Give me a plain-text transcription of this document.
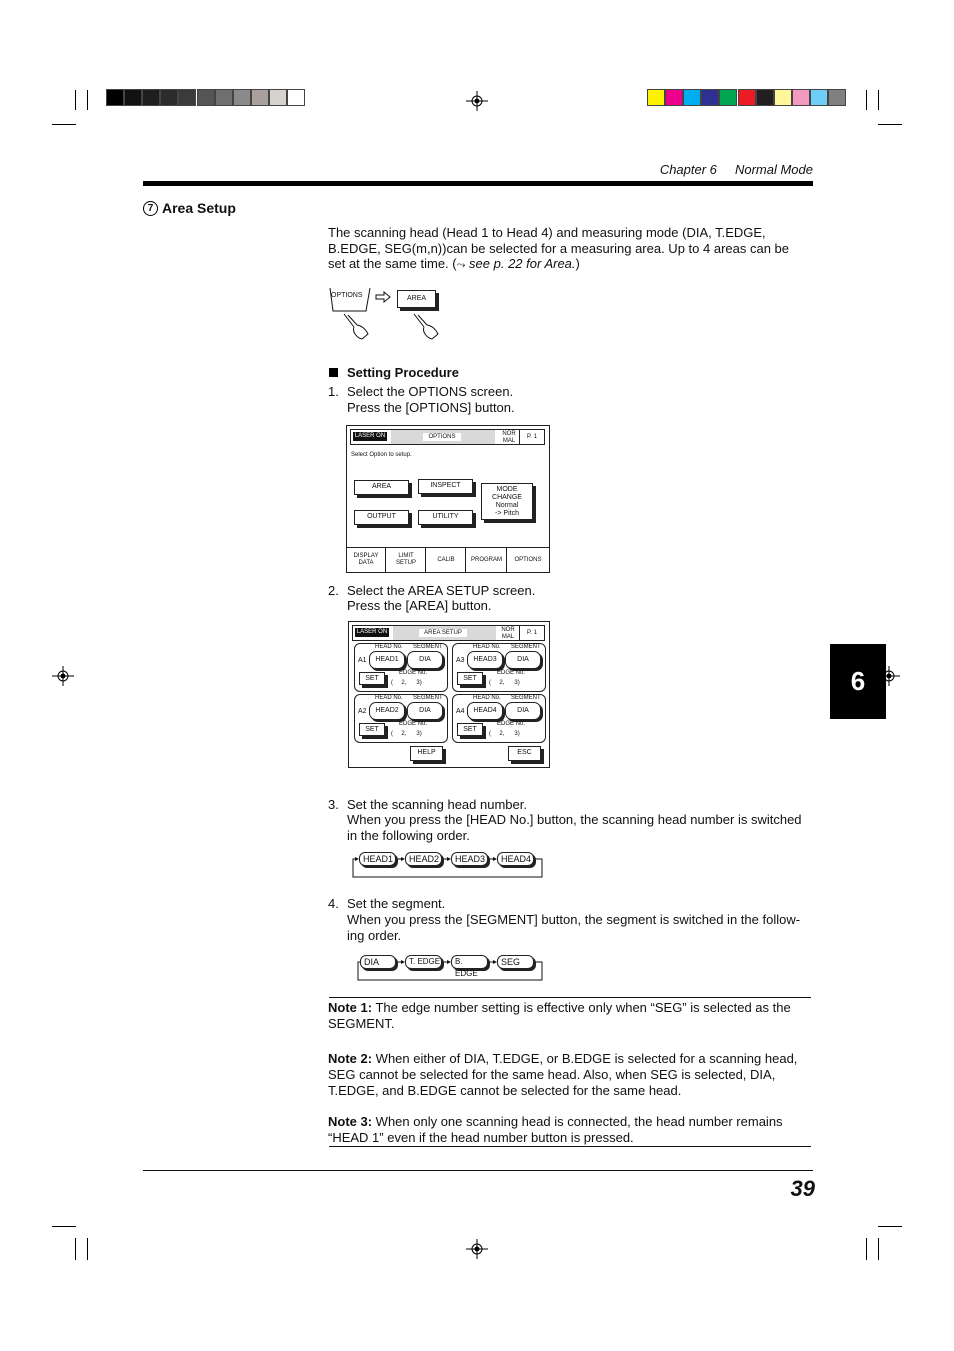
Chapter 6 Normal Mode
7 Area Setup
The scanning head (Head 1 to Head 4) and measuring mode (DIA, T.EDGE,
B.EDGE, SEG(m,n))can be selected for a measuring area. Up to 4 areas can be
set at the same time. (⤳ see p. 22 for Area.)
OPTIONS	AREA
Setting Procedure
1. Select the OPTIONS screen.
Press the [OPTIONS] button.
LASER ON	OPTIONS	NOR
MAL
P. 1
Select Option to setup.
AREA	INSPECT
OUTPUT	UTILITY
MODE
CHANGE
Normal
-> Pitch
DISPLAY
DATA
LIMIT
SETUP
CALIB	PROGRAM OPTIONS
2. Select the AREA SETUP screen.
Press the [AREA] button.
LASER ON	AREA SETUP	NOR
MAL
P. 1
HEAD No. SEGMENT
A1	HEAD1	DIA
EDGE No.
SET
( 2, 3)
HEAD No. SEGMENT
A3	HEAD3	DIA
EDGE No.
SET
( 2, 3)
HEAD No. SEGMENT
A2	HEAD2	DIA
EDGE No.
SET
( 2, 3)
HEAD No. SEGMENT
A4	HEAD4	DIA
EDGE No.
SET
( 2, 3)
HELP	ESC
3. Set the scanning head number.
When you press the [HEAD No.] button, the scanning head number is switched
in the following order.
HEAD1	HEAD2	HEAD3	HEAD4
4. Set the segment.
When you press the [SEGMENT] button, the segment is switched in the follow-
ing order.
DIA	T. EDGE	B. EDGE
SEG
Note 1: The edge number setting is effective only when “SEG” is selected as the
SEGMENT.
Note 2: When either of DIA, T.EDGE, or B.EDGE is selected for a scanning head,
SEG cannot be selected for the same head. Also, when SEG is selected, DIA,
T.EDGE, and B.EDGE cannot be selected for the same head.
Note 3: When only one scanning head is connected, the head number remains
“HEAD 1” even if the head number button is pressed.
39
6
